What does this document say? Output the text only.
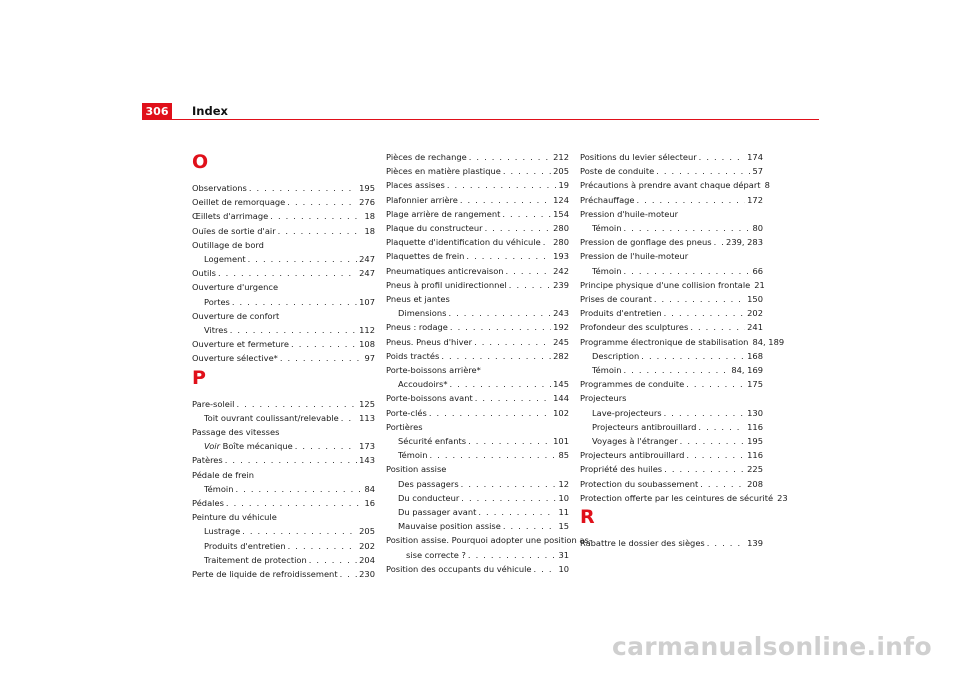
306	Index
O
Observations . . .	195
Oeillet de remorquage . . .	276
Œillets d'arrimage . . .	18
Ouïes de sortie d'air . . .	18
Outillage de bord
Logement . . .	247
Outils . . .	247
Ouverture d'urgence
Portes . . .	107
Ouverture de confort
Vitres . . .	112
Ouverture et fermeture . . .	108
Ouverture sélective* . . .	97
P
Pare-soleil . . .	125
Toit ouvrant coulissant/relevable . . . 113
Passage des vitesses
Voir Boîte mécanique . . .	173
Patères . . .	143
Pédale de frein
Témoin . . .	84
Pédales . . .	16
Peinture du véhicule
Lustrage . . .	205
Produits d'entretien . . .	202
Traitement de protection . . .	204
Perte de liquide de refroidissement . . .	230
Pièces de rechange . . .	212
Pièces en matière plastique . . .	205
Places assises . . .	19
Plafonnier arrière . . .	124
Plage arrière de rangement . . .	154
Plaque du constructeur . . .	280
Plaquette d'identification du véhicule . . . 280
Plaquettes de frein . . .	193
Pneumatiques anticrevaison . . .	242
Pneus à profil unidirectionnel . . .	239
Pneus et jantes
Dimensions . . .	243
Pneus : rodage . . .	192
Pneus. Pneus d'hiver . . .	245
Poids tractés . . .	282
Porte-boissons arrière*
Accoudoirs* . . .	145
Porte-boissons avant . . .	144
Porte-clés . . .	102
Portières
Sécurité enfants . . .	101
Témoin . . .	85
Position assise
Des passagers . . .	12
Du conducteur . . .	10
Du passager avant . . .	11
Mauvaise position assise . . .	15
Position assise. Pourquoi adopter une position as-
sise correcte ? . . .	31
Position des occupants du véhicule . . .	10
Positions du levier sélecteur . . .	174
Poste de conduite . . .	57
Précautions à prendre avant chaque départ 8
Préchauffage . . .	172
Pression d'huile-moteur
Témoin . . .	80
Pression de gonflage des pneus . . . 239, 283
Pression de l'huile-moteur
Témoin . . .	66
Principe physique d'une collision frontale 21
Prises de courant . . .	150
Produits d'entretien . . .	202
Profondeur des sculptures . . .	241
Programme électronique de stabilisation 84, 189
Description . . .	168
Témoin . . .	84, 169
Programmes de conduite . . .	175
Projecteurs
Lave-projecteurs . . .	130
Projecteurs antibrouillard . . .	116
Voyages à l'étranger . . .	195
Projecteurs antibrouillard . . .	116
Propriété des huiles . . .	225
Protection du soubassement . . .	208
Protection offerte par les ceintures de sécurité 23
R
Rabattre le dossier des sièges . . .	139
carmanualsonline.info
